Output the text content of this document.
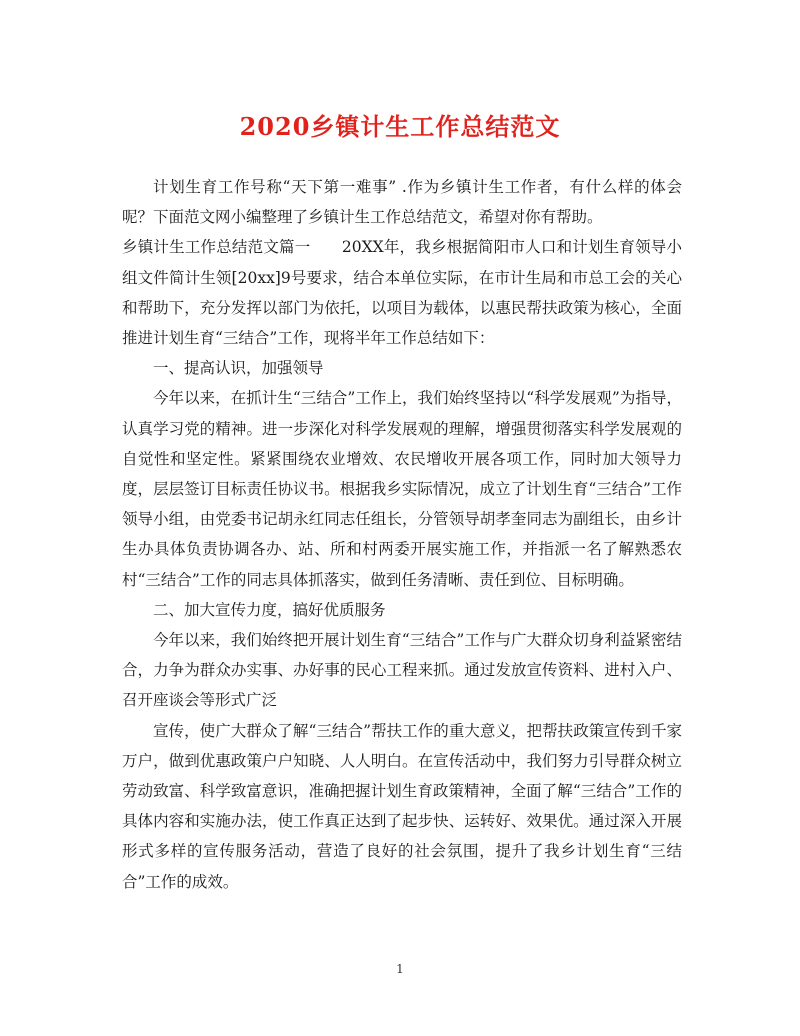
2020乡镇计生工作总结范文

计划生育工作号称“天下第一难事” .作为乡镇计生工作者，有什么样的体会呢？下面范文网小编整理了乡镇计生工作总结范文，希望对你有帮助。

乡镇计生工作总结范文篇一　　20XX年，我乡根据简阳市人口和计划生育领导小组文件简计生领[20xx]9号要求，结合本单位实际，在市计生局和市总工会的关心和帮助下，充分发挥以部门为依托，以项目为载体，以惠民帮扶政策为核心，全面推进计划生育“三结合”工作，现将半年工作总结如下：

一、提高认识，加强领导

今年以来，在抓计生“三结合”工作上，我们始终坚持以“科学发展观”为指导，认真学习党的精神。进一步深化对科学发展观的理解，增强贯彻落实科学发展观的自觉性和坚定性。紧紧围绕农业增效、农民增收开展各项工作，同时加大领导力度，层层签订目标责任协议书。根据我乡实际情况，成立了计划生育“三结合”工作领导小组，由党委书记胡永红同志任组长，分管领导胡孝奎同志为副组长，由乡计生办具体负责协调各办、站、所和村两委开展实施工作，并指派一名了解熟悉农村“三结合”工作的同志具体抓落实，做到任务清晰、责任到位、目标明确。

二、加大宣传力度，搞好优质服务

今年以来，我们始终把开展计划生育“三结合”工作与广大群众切身利益紧密结合，力争为群众办实事、办好事的民心工程来抓。通过发放宣传资料、进村入户、召开座谈会等形式广泛

宣传，使广大群众了解“三结合”帮扶工作的重大意义，把帮扶政策宣传到千家万户，做到优惠政策户户知晓、人人明白。在宣传活动中，我们努力引导群众树立劳动致富、科学致富意识，准确把握计划生育政策精神，全面了解“三结合”工作的具体内容和实施办法，使工作真正达到了起步快、运转好、效果优。通过深入开展形式多样的宣传服务活动，营造了良好的社会氛围，提升了我乡计划生育“三结合”工作的成效。

1
